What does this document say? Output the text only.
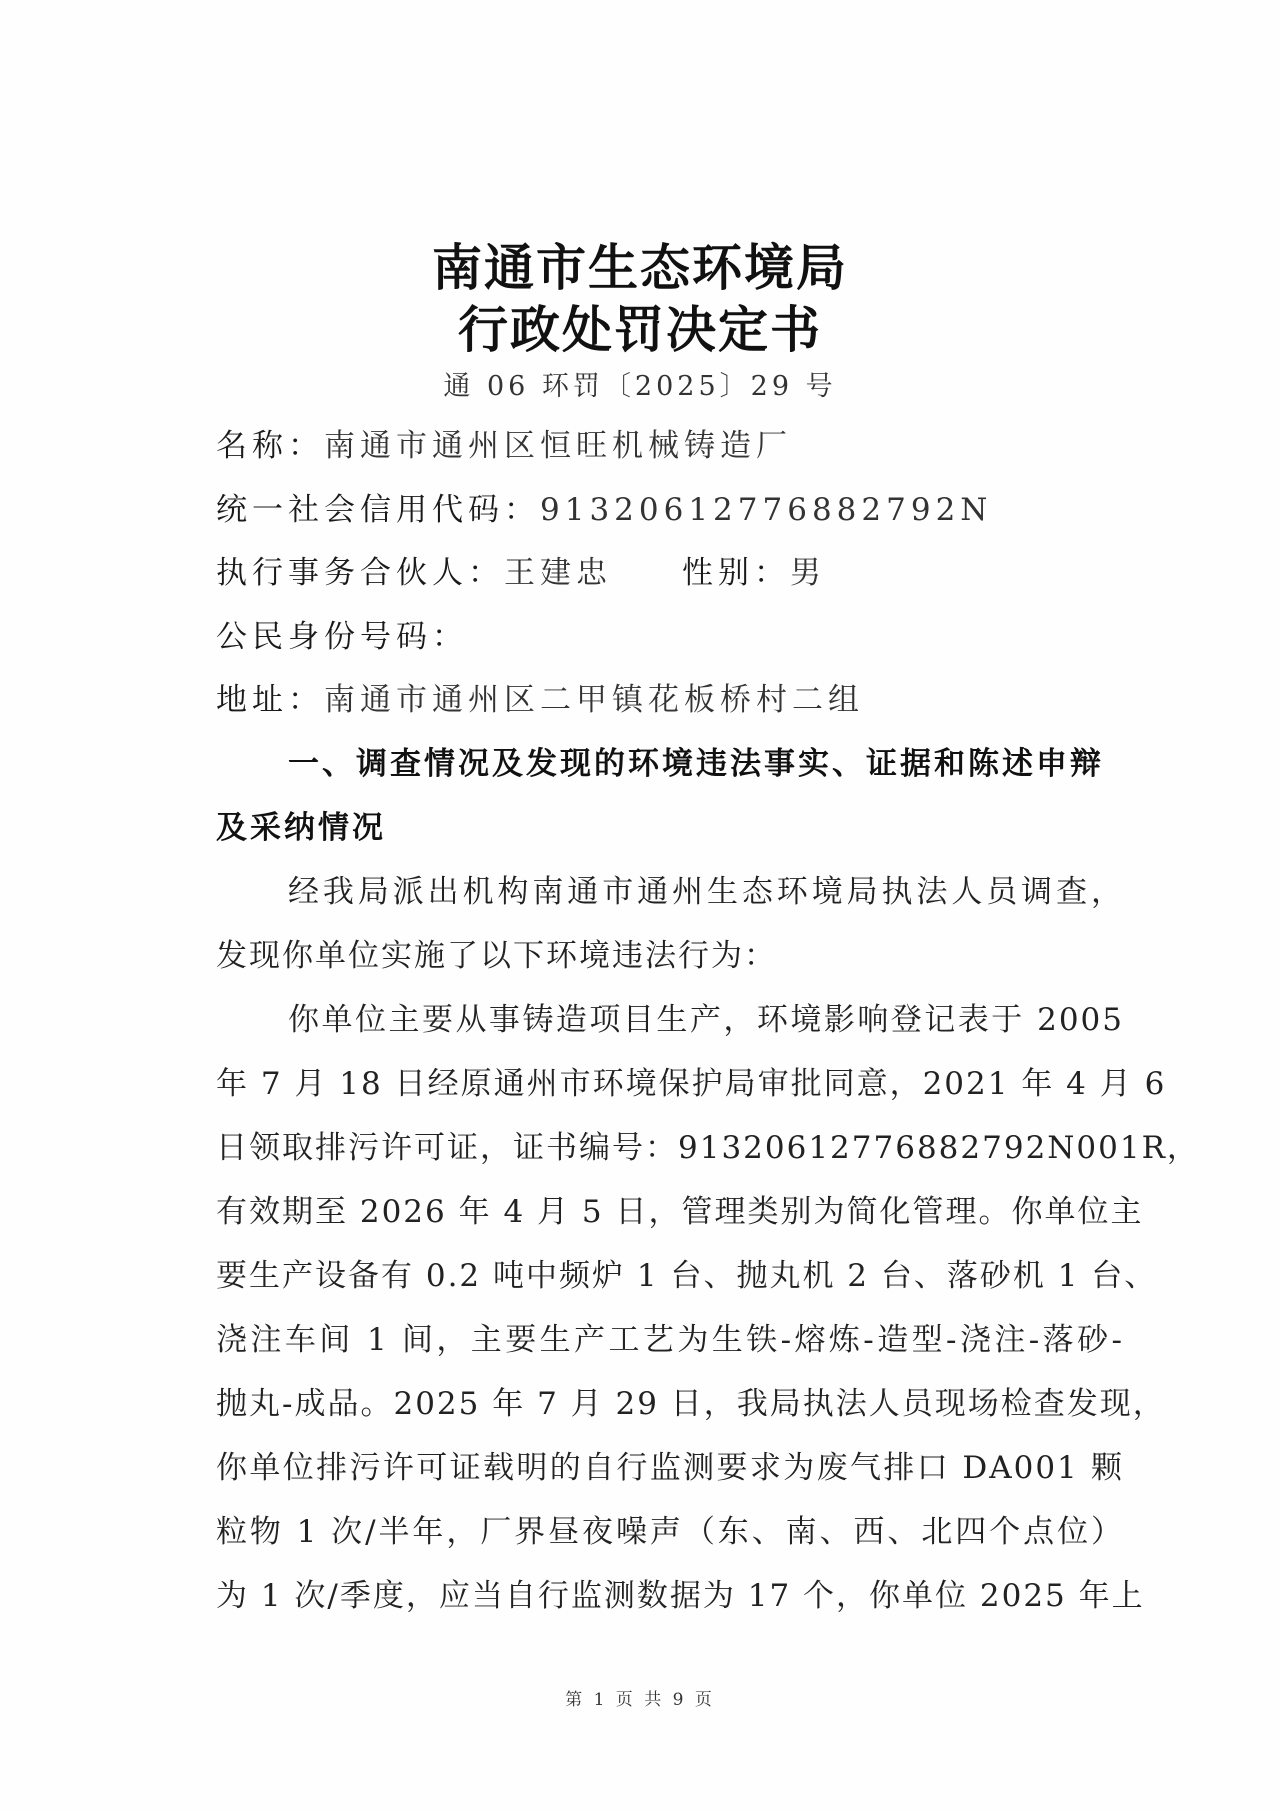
南通市生态环境局
行政处罚决定书
通 06 环罚〔2025〕29 号
名称：南通市通州区恒旺机械铸造厂
统一社会信用代码：91320612776882792N
执行事务合伙人：王建忠 性别：男
公民身份号码：
地址：南通市通州区二甲镇花板桥村二组
一、调查情况及发现的环境违法事实、证据和陈述申辩
及采纳情况
经我局派出机构南通市通州生态环境局执法人员调查，
发现你单位实施了以下环境违法行为：
你单位主要从事铸造项目生产，环境影响登记表于 2005
年 7 月 18 日经原通州市环境保护局审批同意，2021 年 4 月 6
日领取排污许可证，证书编号：91320612776882792N001R，
有效期至 2026 年 4 月 5 日，管理类别为简化管理。你单位主
要生产设备有 0.2 吨中频炉 1 台、抛丸机 2 台、落砂机 1 台、
浇注车间 1 间，主要生产工艺为生铁-熔炼-造型-浇注-落砂-
抛丸-成品。2025 年 7 月 29 日，我局执法人员现场检查发现，
你单位排污许可证载明的自行监测要求为废气排口 DA001 颗
粒物 1 次/半年，厂界昼夜噪声（东、南、西、北四个点位）
为 1 次/季度，应当自行监测数据为 17 个，你单位 2025 年上
第 1 页 共 9 页
